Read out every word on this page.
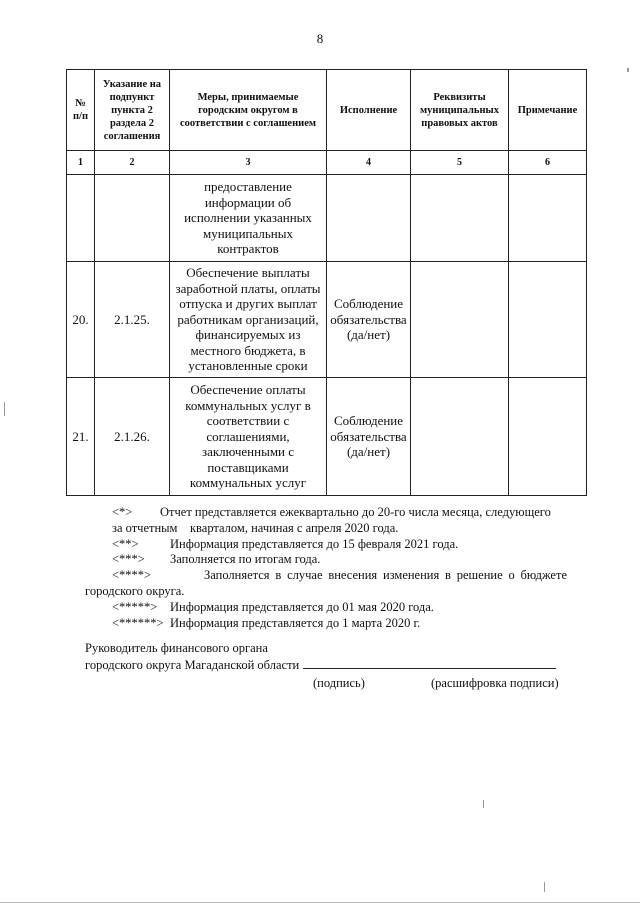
8
№ п/п	Указание на подпункт пункта 2 раздела 2 соглашения	Меры, принимаемые городским округом в соответствии с соглашением	Исполнение	Реквизиты муниципальных правовых актов	Примечание

1	2	3	4	5	6

		предоставление информации об исполнении указанных муниципальных контрактов			

20.	2.1.25.	Обеспечение выплаты заработной платы, оплаты отпуска и других выплат работникам организаций, финансируемых из местного бюджета, в установленные сроки	Соблюдение обязательства (да/нет)		

21.	2.1.26.	Обеспечение оплаты коммунальных услуг в соответствии с соглашениями, заключенными с поставщиками коммунальных услуг	Соблюдение обязательства (да/нет)		

<*> Отчет представляется ежеквартально до 20-го числа месяца, следующего

за отчетным    кварталом, начиная с апреля 2020 года.

<**>	Информация представляется до 15 февраля 2021 года.

<***> Заполняется по итогам года.

<****>	Заполняется в случае внесения изменения в решение о бюджете

городского округа.

<*****> Информация представляется до 01 мая 2020 года.

<******> Информация представляется до 1 марта 2020 г.

Руководитель финансового органа
городского округа Магаданской области
(подпись)	(расшифровка подписи)
